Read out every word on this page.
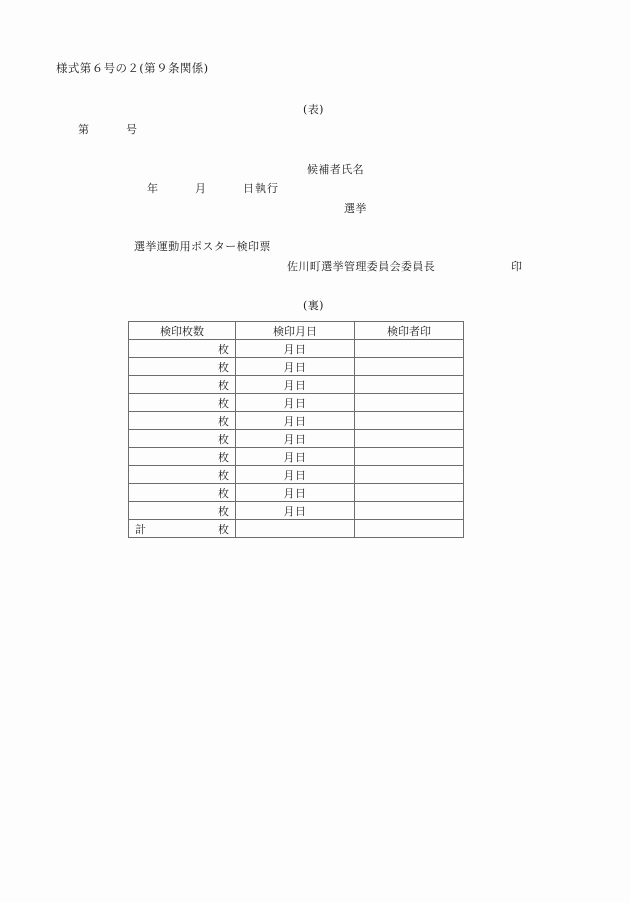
様式第６号の２(第９条関係)
(表)
第　　　号
候補者氏名
年　　　月　　　日執行
選挙
選挙運動用ポスター検印票
佐川町選挙管理委員会委員長	印
(裏)
検印枚数	検印月日	検印者印
枚	月日	
枚	月日	
枚	月日	
枚	月日	
枚	月日	
枚	月日	
枚	月日	
枚	月日	
枚	月日	
枚	月日	

計 枚		
